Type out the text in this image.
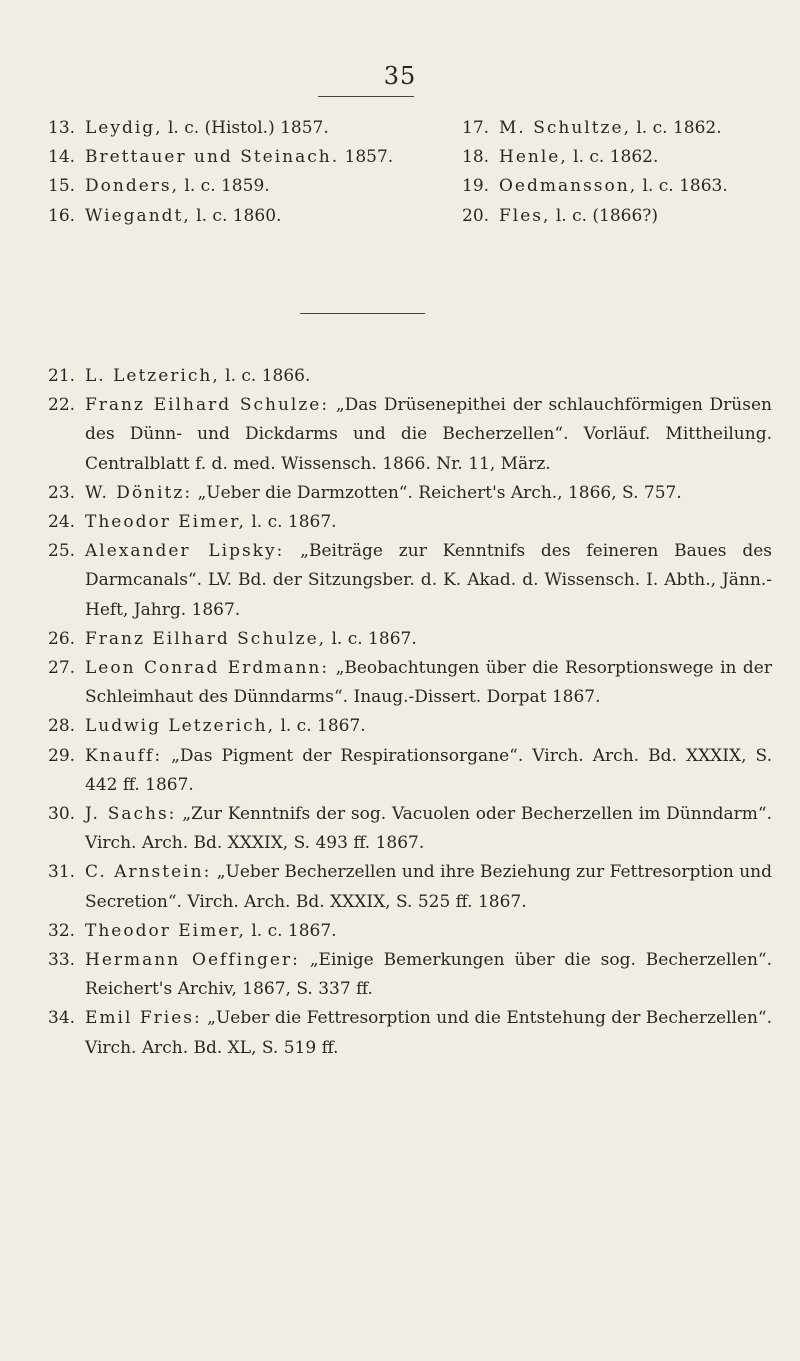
35
13. Leydig, l. c. (Histol.) 1857.
14. Brettauer und Steinach. 1857.
15. Donders, l. c. 1859.
16. Wiegandt, l. c. 1860.
17. M. Schultze, l. c. 1862.
18. Henle, l. c. 1862.
19. Oedmansson, l. c. 1863.
20. Fles, l. c. (1866?)
21. L. Letzerich, l. c. 1866.
22. Franz Eilhard Schulze: „Das Drüsenepithei der schlauchförmigen Drüsen des Dünn- und Dickdarms und die Becherzellen“. Vorläuf. Mittheilung. Centralblatt f. d. med. Wissensch. 1866. Nr. 11, März.
23. W. Dönitz: „Ueber die Darmzotten“. Reichert's Arch., 1866, S. 757.
24. Theodor Eimer, l. c. 1867.
25. Alexander Lipsky: „Beiträge zur Kenntnifs des feineren Baues des Darmcanals“. LV. Bd. der Sitzungsber. d. K. Akad. d. Wissensch. I. Abth., Jänn.-Heft, Jahrg. 1867.
26. Franz Eilhard Schulze, l. c. 1867.
27. Leon Conrad Erdmann: „Beobachtungen über die Resorptionswege in der Schleimhaut des Dünndarms“. Inaug.-Dissert. Dorpat 1867.
28. Ludwig Letzerich, l. c. 1867.
29. Knauff: „Das Pigment der Respirationsorgane“. Virch. Arch. Bd. XXXIX, S. 442 ff. 1867.
30. J. Sachs: „Zur Kenntnifs der sog. Vacuolen oder Becherzellen im Dünndarm“. Virch. Arch. Bd. XXXIX, S. 493 ff. 1867.
31. C. Arnstein: „Ueber Becherzellen und ihre Beziehung zur Fettresorption und Secretion“. Virch. Arch. Bd. XXXIX, S. 525 ff. 1867.
32. Theodor Eimer, l. c. 1867.
33. Hermann Oeffinger: „Einige Bemerkungen über die sog. Becherzellen“. Reichert's Archiv, 1867, S. 337 ff.
34. Emil Fries: „Ueber die Fettresorption und die Entstehung der Becherzellen“. Virch. Arch. Bd. XL, S. 519 ff.
